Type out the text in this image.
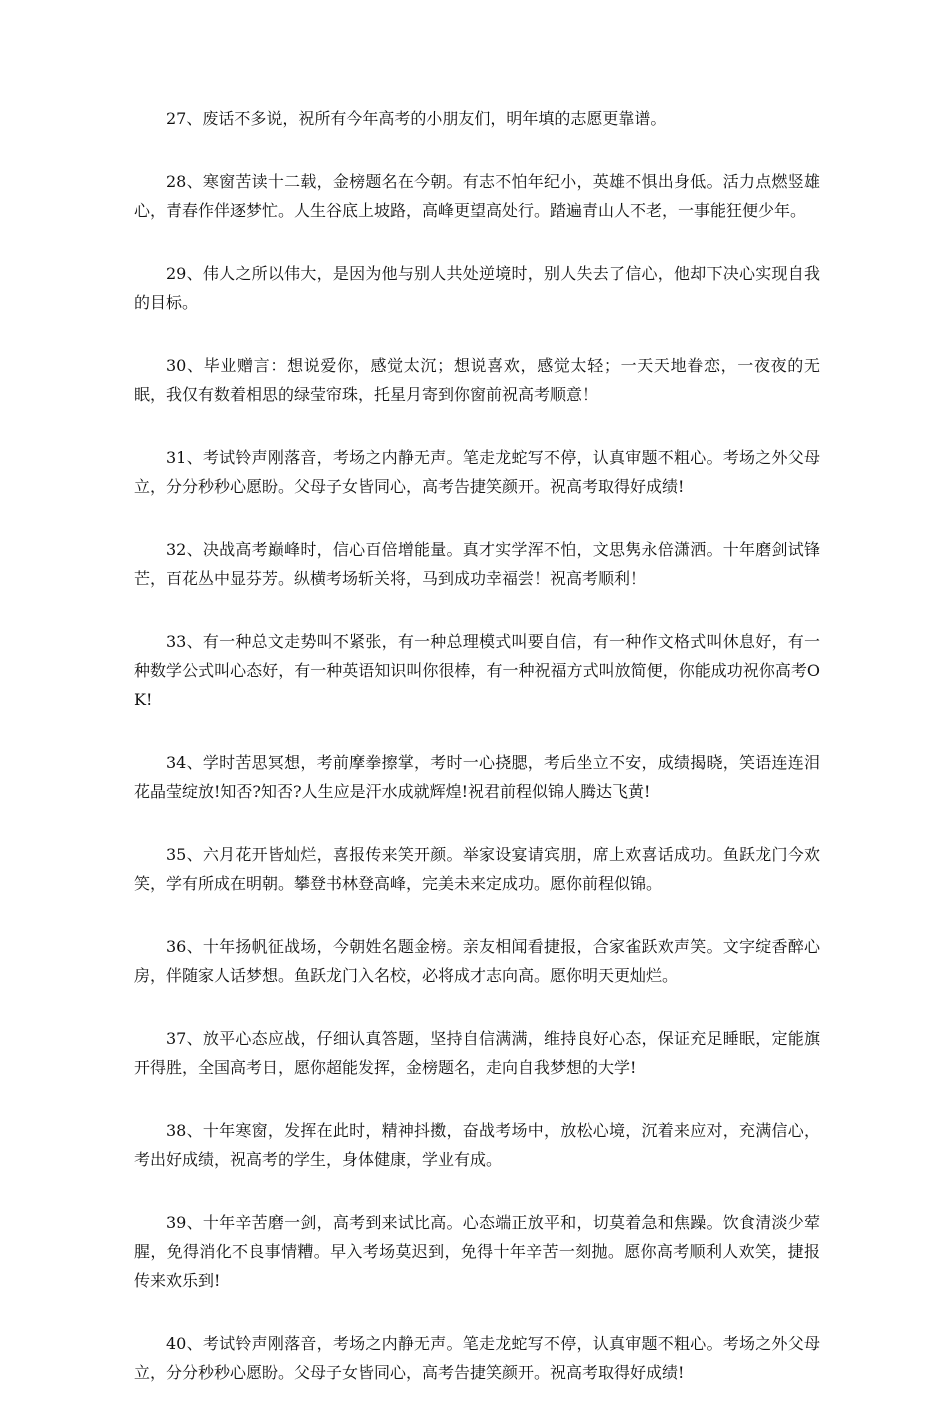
27、废话不多说，祝所有今年高考的小朋友们，明年填的志愿更靠谱。

28、寒窗苦读十二载，金榜题名在今朝。有志不怕年纪小，英雄不惧出身低。活力点燃竖雄心，青春作伴逐梦忙。人生谷底上坡路，高峰更望高处行。踏遍青山人不老，一事能狂便少年。

29、伟人之所以伟大，是因为他与别人共处逆境时，别人失去了信心，他却下决心实现自我的目标。

30、毕业赠言：想说爱你，感觉太沉；想说喜欢，感觉太轻；一天天地眷恋，一夜夜的无眠，我仅有数着相思的绿莹帘珠，托星月寄到你窗前祝高考顺意！

31、考试铃声刚落音，考场之内静无声。笔走龙蛇写不停，认真审题不粗心。考场之外父母立，分分秒秒心愿盼。父母子女皆同心，高考告捷笑颜开。祝高考取得好成绩!

32、决战高考巅峰时，信心百倍增能量。真才实学浑不怕，文思隽永倍潇洒。十年磨剑试锋芒，百花丛中显芬芳。纵横考场斩关将，马到成功幸福尝！祝高考顺利！

33、有一种总文走势叫不紧张，有一种总理模式叫要自信，有一种作文格式叫休息好，有一种数学公式叫心态好，有一种英语知识叫你很棒，有一种祝福方式叫放简便，你能成功祝你高考OK!

34、学时苦思冥想，考前摩拳擦掌，考时一心挠腮，考后坐立不安，成绩揭晓，笑语连连泪花晶莹绽放!知否?知否?人生应是汗水成就辉煌!祝君前程似锦人腾达飞黄!

35、六月花开皆灿烂，喜报传来笑开颜。举家设宴请宾朋，席上欢喜话成功。鱼跃龙门今欢笑，学有所成在明朝。攀登书林登高峰，完美未来定成功。愿你前程似锦。

36、十年扬帆征战场，今朝姓名题金榜。亲友相闻看捷报，合家雀跃欢声笑。文字绽香醉心房，伴随家人话梦想。鱼跃龙门入名校，必将成才志向高。愿你明天更灿烂。

37、放平心态应战，仔细认真答题，坚持自信满满，维持良好心态，保证充足睡眠，定能旗开得胜，全国高考日，愿你超能发挥，金榜题名，走向自我梦想的大学!

38、十年寒窗，发挥在此时，精神抖擞，奋战考场中，放松心境，沉着来应对，充满信心，考出好成绩，祝高考的学生，身体健康，学业有成。

39、十年辛苦磨一剑，高考到来试比高。心态端正放平和，切莫着急和焦躁。饮食清淡少荤腥，免得消化不良事情糟。早入考场莫迟到，免得十年辛苦一刻抛。愿你高考顺利人欢笑，捷报传来欢乐到!

40、考试铃声刚落音，考场之内静无声。笔走龙蛇写不停，认真审题不粗心。考场之外父母立，分分秒秒心愿盼。父母子女皆同心，高考告捷笑颜开。祝高考取得好成绩!
